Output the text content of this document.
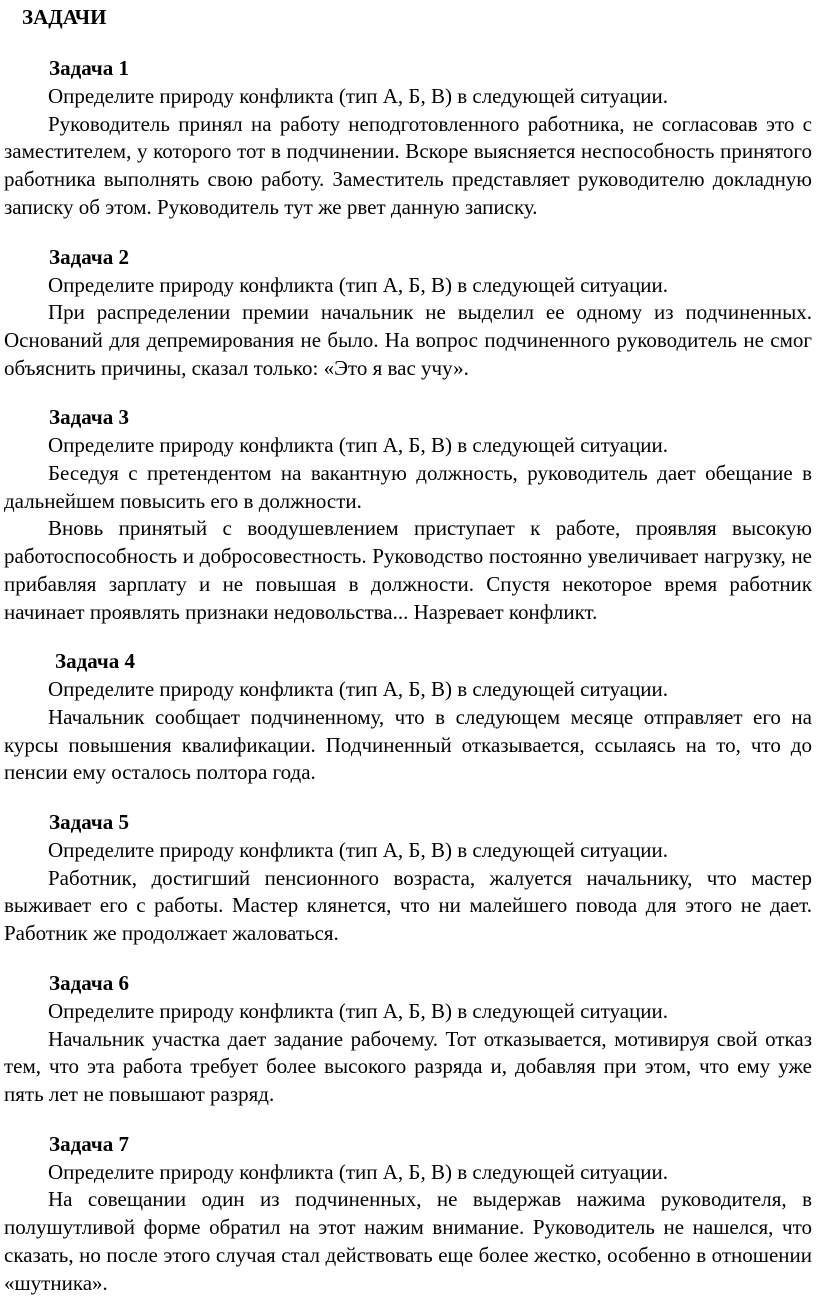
ЗАДАЧИ
Задача 1

Определите природу конфликта (тип А, Б, В) в следующей ситуации.

Руководитель принял на работу неподготовленного работника, не согласовав это с заместителем, у которого тот в подчинении. Вскоре выясняется неспособность принятого работника выполнять свою работу. Заместитель представляет руководителю докладную записку об этом. Руководитель тут же рвет данную записку.

Задача 2

Определите природу конфликта (тип А, Б, В) в следующей ситуации.

При распределении премии начальник не выделил ее одному из подчиненных. Оснований для депремирования не было. На вопрос подчиненного руководитель не смог объяснить причины, сказал только: «Это я вас учу».

Задача 3

Определите природу конфликта (тип А, Б, В) в следующей ситуации.

Беседуя с претендентом на вакантную должность, руководитель дает обещание в дальнейшем повысить его в должности.

Вновь принятый с воодушевлением приступает к работе, проявляя высокую работоспособность и добросовестность. Руководство постоянно увеличивает нагрузку, не прибавляя зарплату и не повышая в должности. Спустя некоторое время работник начинает проявлять признаки недовольства... Назревает конфликт.

Задача 4

Определите природу конфликта (тип А, Б, В) в следующей ситуации.

Начальник сообщает подчиненному, что в следующем месяце отправляет его на курсы повышения квалификации. Подчиненный отказывается, ссылаясь на то, что до пенсии ему осталось полтора года.

Задача 5

Определите природу конфликта (тип А, Б, В) в следующей ситуации.

Работник, достигший пенсионного возраста, жалуется начальнику, что мастер выживает его с работы. Мастер клянется, что ни малейшего повода для этого не дает. Работник же продолжает жаловаться.

Задача 6

Определите природу конфликта (тип А, Б, В) в следующей ситуации.

Начальник участка дает задание рабочему. Тот отказывается, мотивируя свой отказ тем, что эта работа требует более высокого разряда и, добавляя при этом, что ему уже пять лет не повышают разряд.

Задача 7

Определите природу конфликта (тип А, Б, В) в следующей ситуации.

На совещании один из подчиненных, не выдержав нажима руководителя, в полушутливой форме обратил на этот нажим внимание. Руководитель не нашелся, что сказать, но после этого случая стал действовать еще более жестко, особенно в отношении «шутника».
